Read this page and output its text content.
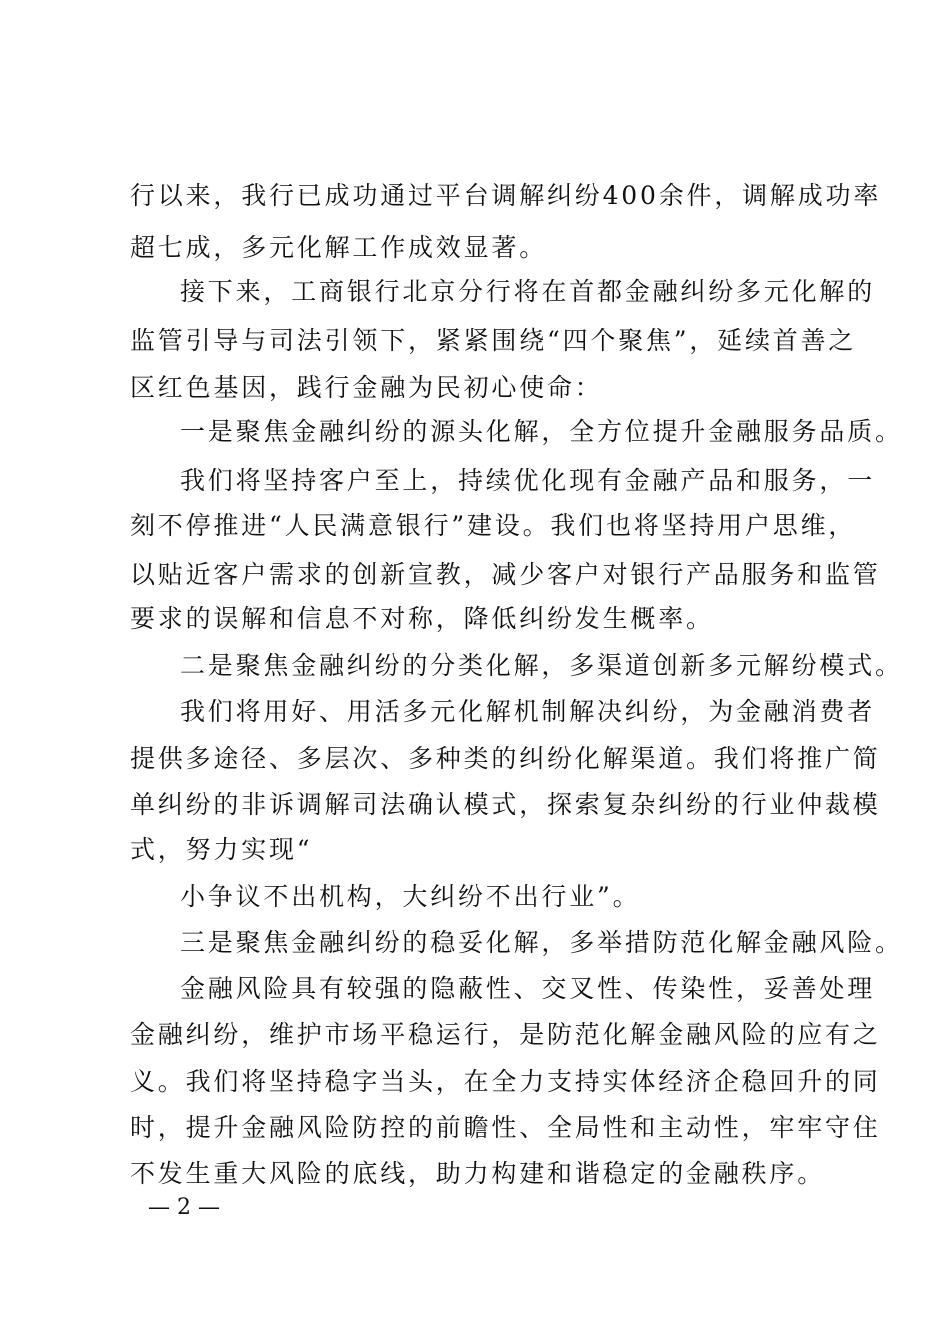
行以来，我行已成功通过平台调解纠纷400余件，调解成功率
超七成，多元化解工作成效显著。
接下来，工商银行北京分行将在首都金融纠纷多元化解的
监管引导与司法引领下，紧紧围绕“四个聚焦”，延续首善之
区红色基因，践行金融为民初心使命：
一是聚焦金融纠纷的源头化解，全方位提升金融服务品质。
我们将坚持客户至上，持续优化现有金融产品和服务，一
刻不停推进“人民满意银行”建设。我们也将坚持用户思维，
以贴近客户需求的创新宣教，减少客户对银行产品服务和监管
要求的误解和信息不对称，降低纠纷发生概率。
二是聚焦金融纠纷的分类化解，多渠道创新多元解纷模式。
我们将用好、用活多元化解机制解决纠纷，为金融消费者
提供多途径、多层次、多种类的纠纷化解渠道。我们将推广简
单纠纷的非诉调解司法确认模式，探索复杂纠纷的行业仲裁模
式，努力实现“
小争议不出机构，大纠纷不出行业”。
三是聚焦金融纠纷的稳妥化解，多举措防范化解金融风险。
金融风险具有较强的隐蔽性、交叉性、传染性，妥善处理
金融纠纷，维护市场平稳运行，是防范化解金融风险的应有之
义。我们将坚持稳字当头，在全力支持实体经济企稳回升的同
时，提升金融风险防控的前瞻性、全局性和主动性，牢牢守住
不发生重大风险的底线，助力构建和谐稳定的金融秩序。
— 2 —
